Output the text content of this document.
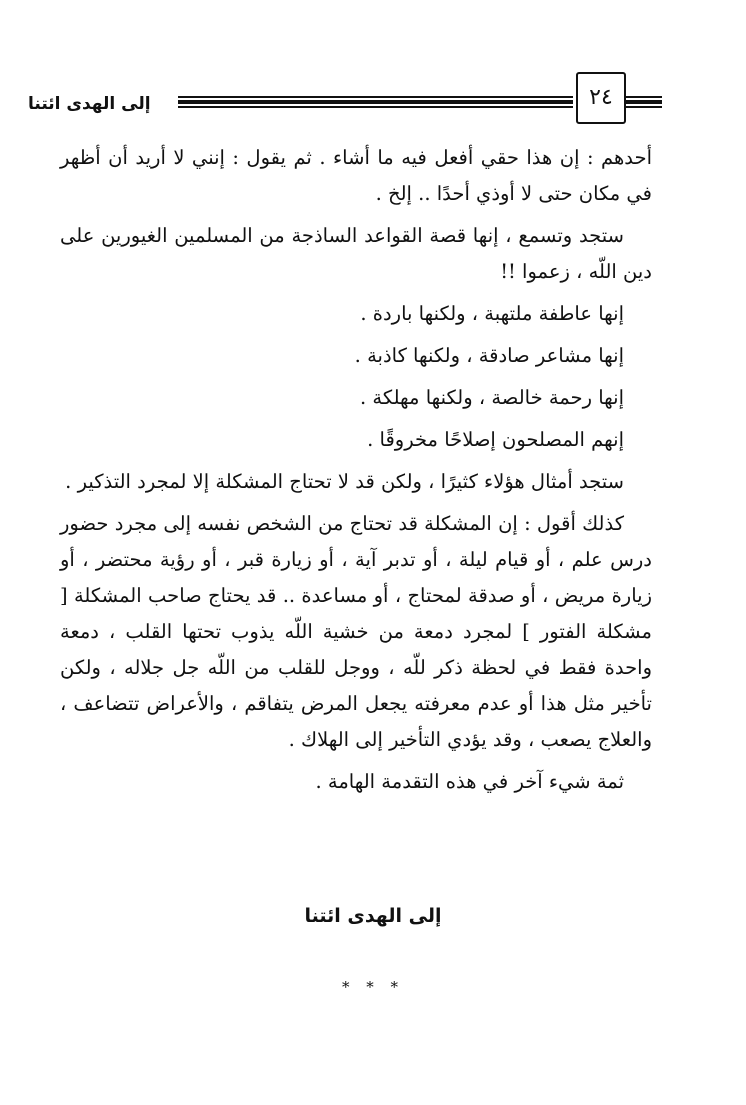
إلى الهدى ائتنا	٢٤

أحدهم : إن هذا حقي أفعل فيه ما أشاء . ثم يقول : إنني لا أريد أن أظهر في مكان حتى لا أوذي أحدًا .. إلخ .

ستجد وتسمع ، إنها قصة القواعد الساذجة من المسلمين الغيورين على دين اللّه ، زعموا !!

إنها عاطفة ملتهبة ، ولكنها باردة .

إنها مشاعر صادقة ، ولكنها كاذبة .

إنها رحمة خالصة ، ولكنها مهلكة .

إنهم المصلحون إصلاحًا مخروقًا .

ستجد أمثال هؤلاء كثيرًا ، ولكن قد لا تحتاج المشكلة إلا لمجرد التذكير .

كذلك أقول : إن المشكلة قد تحتاج من الشخص نفسه إلى مجرد حضور درس علم ، أو قيام ليلة ، أو تدبر آية ، أو زيارة قبر ، أو رؤية محتضر ، أو زيارة مريض ، أو صدقة لمحتاج ، أو مساعدة .. قد يحتاج صاحب المشكلة [ مشكلة الفتور ] لمجرد دمعة من خشية اللّه يذوب تحتها القلب ، دمعة واحدة فقط في لحظة ذكر للّه ، ووجل للقلب من اللّه جل جلاله ، ولكن تأخير مثل هذا أو عدم معرفته يجعل المرض يتفاقم ، والأعراض تتضاعف ، والعلاج يصعب ، وقد يؤدي التأخير إلى الهلاك .

ثمة شيء آخر في هذه التقدمة الهامة .

إلى الهدى ائتنا
* * *
